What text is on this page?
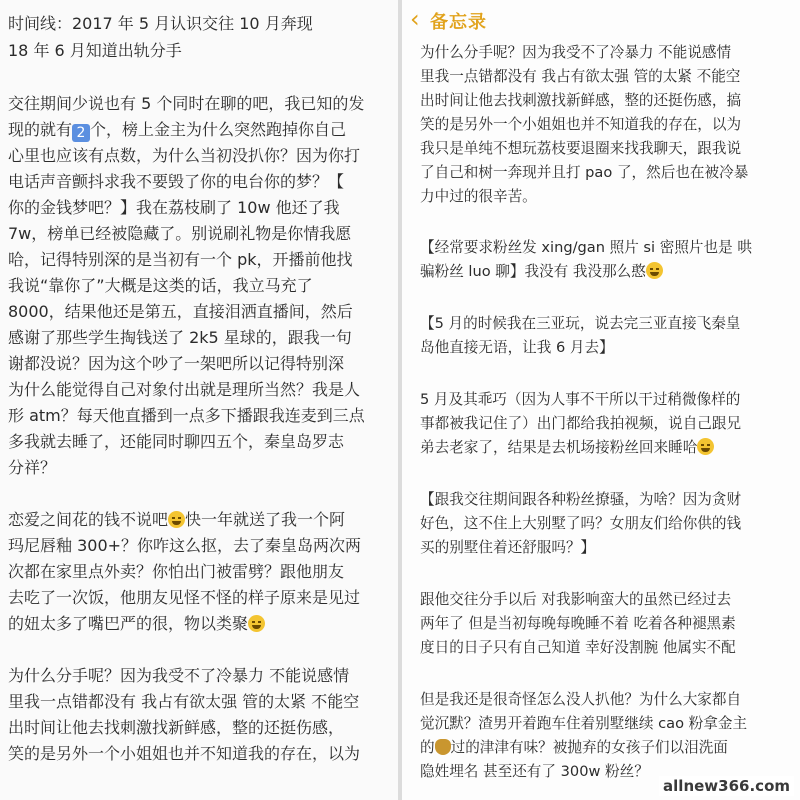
时间线：2017 年 5 月认识交往 10 月奔现
18 年 6 月知道出轨分手
交往期间少说也有 5 个同时在聊的吧，我已知的发
现的就有 2 个，榜上金主为什么突然跑掉你自己
心里也应该有点数，为什么当初没扒你？因为你打
电话声音颤抖求我不要毁了你的电台你的梦？【
你的金钱梦吧？】我在荔枝刷了 10w 他还了我
7w，榜单已经被隐藏了。别说刷礼物是你情我愿
哈，记得特别深的是当初有一个 pk，开播前他找
我说“靠你了”大概是这类的话，我立马充了
8000，结果他还是第五，直接泪洒直播间，然后
感谢了那些学生掏钱送了 2k5 星球的，跟我一句
谢都没说？因为这个吵了一架吧所以记得特别深
为什么能觉得自己对象付出就是理所当然？我是人
形 atm？每天他直播到一点多下播跟我连麦到三点
多我就去睡了，还能同时聊四五个，秦皇岛罗志
分祥？
恋爱之间花的钱不说吧 快一年就送了我一个阿
玛尼唇釉 300+？你咋这么抠，去了秦皇岛两次两
次都在家里点外卖？你怕出门被雷劈？跟他朋友
去吃了一次饭，他朋友见怪不怪的样子原来是见过
的妞太多了嘴巴严的很，物以类聚
为什么分手呢？因为我受不了冷暴力 不能说感情
里我一点错都没有 我占有欲太强 管的太紧 不能空
出时间让他去找刺激找新鲜感，整的还挺伤感，
笑的是另外一个小姐姐也并不知道我的存在，以为
‹ 备忘录
为什么分手呢？因为我受不了冷暴力 不能说感情
里我一点错都没有 我占有欲太强 管的太紧 不能空
出时间让他去找刺激找新鲜感，整的还挺伤感，搞
笑的是另外一个小姐姐也并不知道我的存在，以为
我只是单纯不想玩荔枝要退圈来找我聊天，跟我说
了自己和树一奔现并且打 pao 了，然后也在被冷暴
力中过的很辛苦。
【经常要求粉丝发 xing/gan 照片 si 密照片也是 哄
骗粉丝 luo 聊】我没有 我没那么憨
【5 月的时候我在三亚玩，说去完三亚直接飞秦皇
岛他直接无语，让我 6 月去】
5 月及其乖巧（因为人事不干所以干过稍微像样的
事都被我记住了）出门都给我拍视频，说自己跟兄
弟去老家了，结果是去机场接粉丝回来睡哈
【跟我交往期间跟各种粉丝撩骚，为啥？因为贪财
好色，这不住上大别墅了吗？女朋友们给你供的钱
买的别墅住着还舒服吗？】
跟他交往分手以后 对我影响蛮大的虽然已经过去
两年了 但是当初每晚每晚睡不着 吃着各种褪黑素
度日的日子只有自己知道 幸好没割腕 他属实不配
但是我还是很奇怪怎么没人扒他？为什么大家都自
觉沉默？渣男开着跑车住着别墅继续 cao 粉拿金主
的 过的津津有味？被抛弃的女孩子们以泪洗面
隐姓埋名 甚至还有了 300w 粉丝？
allnew366.com
